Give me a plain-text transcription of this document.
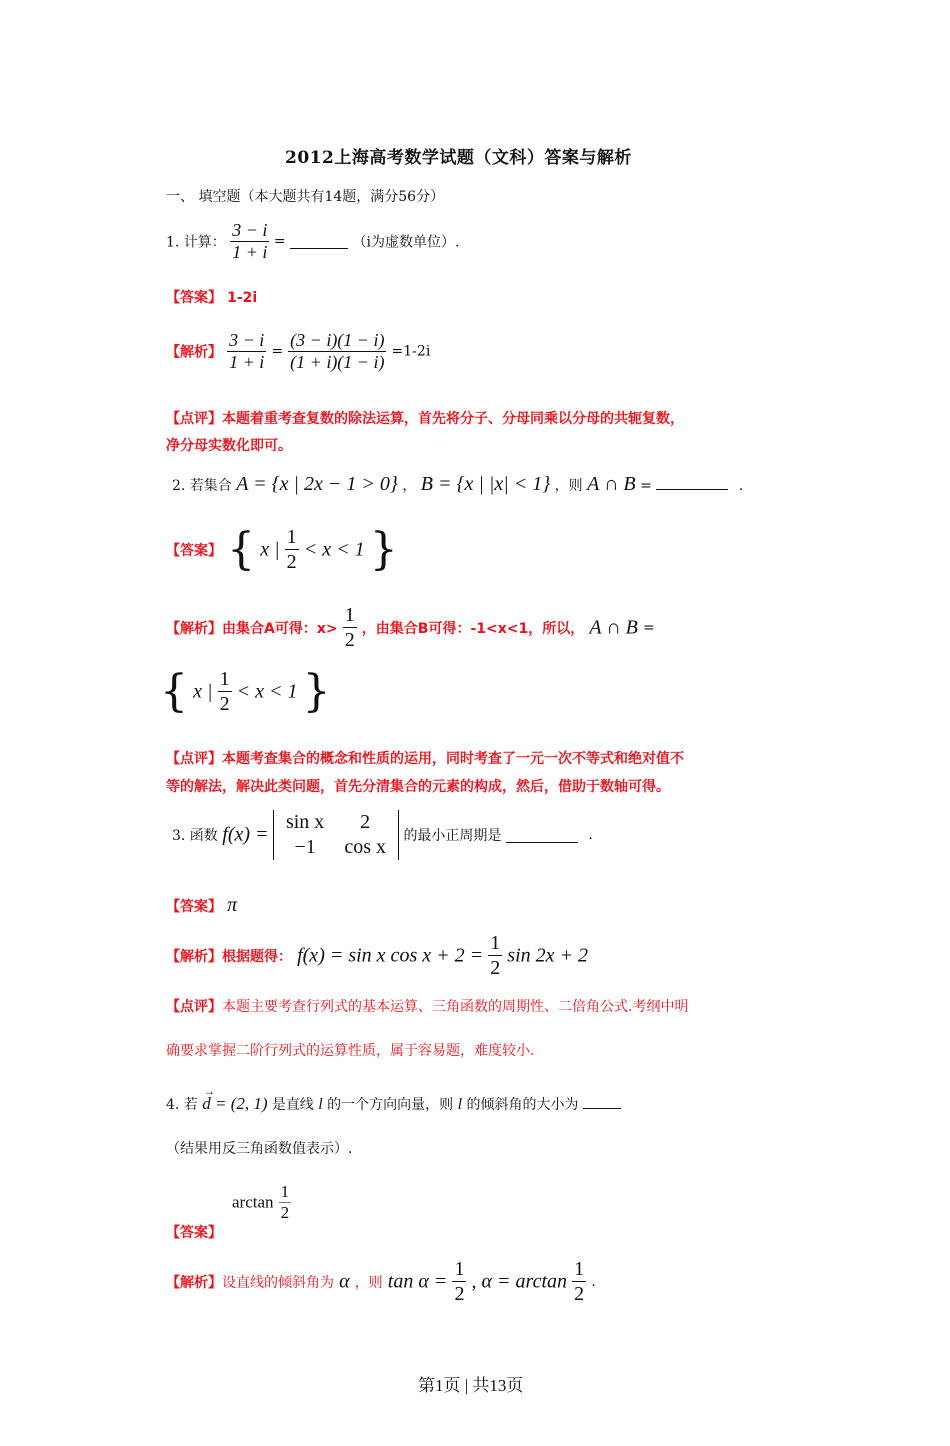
2012上海高考数学试题（文科）答案与解析
一、 填空题（本大题共有14题，满分56分）
1. 计算： $\frac{3 - i}{1 + i}$ =	（i为虚数单位）.
【答案】 1-2i
【解析】 $\frac{3 - i}{1 + i} = \frac{(3 - i)(1 - i)}{(1 + i)(1 - i)} =1-2i$
【点评】本题着重考查复数的除法运算，首先将分子、分母同乘以分母的共轭复数，
净分母实数化即可。
2. 若集合 A = {x | 2x − 1 > 0} ， B = {x | |x| < 1} ，则 A ∩ B =	.
【答案】 { x | $\frac{1}{2} < x < 1$ }
【解析】由集合A可得：$x> \frac{1}{2}$ ，由集合B可得：-1<x<1，所以， A ∩ B =
{ x | $\frac{1}{2} < x < 1$ }
【点评】本题考查集合的概念和性质的运用，同时考查了一元一次不等式和绝对值不
等的解法，解决此类问题，首先分清集合的元素的构成，然后，借助于数轴可得。
3. 函数 f(x) =
sin x	2
−1	cos x 的最小正周期是	.
【答案】 π
【解析】根据题得： f(x) = sin x $\cos x + 2 = \frac{1}{2}$ sin 2x + 2
【点评】本题主要考查行列式的基本运算、三角函数的周期性、二倍角公式.考纲中明
确要求掌握二阶行列式的运算性质，属于容易题，难度较小.
4. 若
→
d = (2, 1) 是直线 l 的一个方向向量，则 l 的倾斜角的大小为
（结果用反三角函数值表示）.
$\arctan \frac{1}{2}$
【答案】
【解析】设直线的倾斜角为 α ，则 $\tan \alpha = \frac{1}{2}$ , $\alpha = \arctan \frac{1}{2}$ .
第1页 | 共13页
